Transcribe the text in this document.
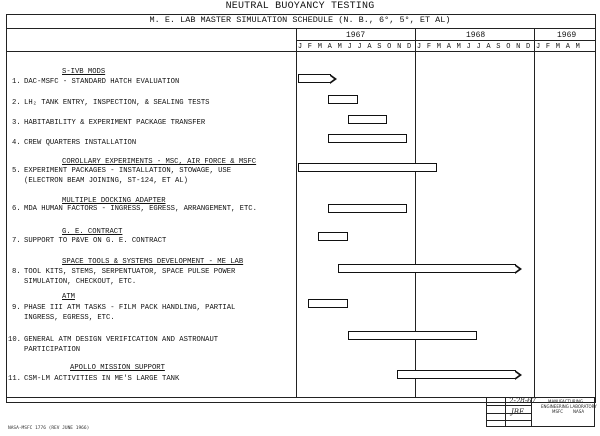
NEUTRAL BUOYANCY TESTING
M. E. LAB MASTER SIMULATION SCHEDULE (N. B., 6°, 5°, ET AL)
1967	1968	1969
J F M A M J J A S O N D J F M A M J J A S O N D J F M A M
S-IVB MODS
COROLLARY EXPERIMENTS - MSC, AIR FORCE & MSFC
MULTIPLE DOCKING ADAPTER
G. E. CONTRACT
SPACE TOOLS & SYSTEMS DEVELOPMENT - ME LAB
ATM
APOLLO MISSION SUPPORT
1. DAC-MSFC - STANDARD HATCH EVALUATION
2. LH₂ TANK ENTRY, INSPECTION, & SEALING TESTS
3. HABITABILITY & EXPERIMENT PACKAGE TRANSFER
4. CREW QUARTERS INSTALLATION
5. EXPERIMENT PACKAGES - INSTALLATION, STOWAGE, USE
(ELECTRON BEAM JOINING, ST-124, ET AL)
6. MDA HUMAN FACTORS - INGRESS, EGRESS, ARRANGEMENT, ETC.
7. SUPPORT TO P&VE ON G. E. CONTRACT
8. TOOL KITS, STEMS, SERPENTUATOR, SPACE PULSE POWER
SIMULATION, CHECKOUT, ETC.
9. PHASE III ATM TASKS - FILM PACK HANDLING, PARTIAL
INGRESS, EGRESS, ETC.
10. GENERAL ATM DESIGN VERIFICATION AND ASTRONAUT
PARTICIPATION
11. CSM-LM ACTIVITIES IN ME'S LARGE TANK
NASA-MSFC 1776 (REV JUNE 1966)
2-28-67
JBE
MANUFACTURING
ENGINEERING LABORATORY
MSFC NASA
